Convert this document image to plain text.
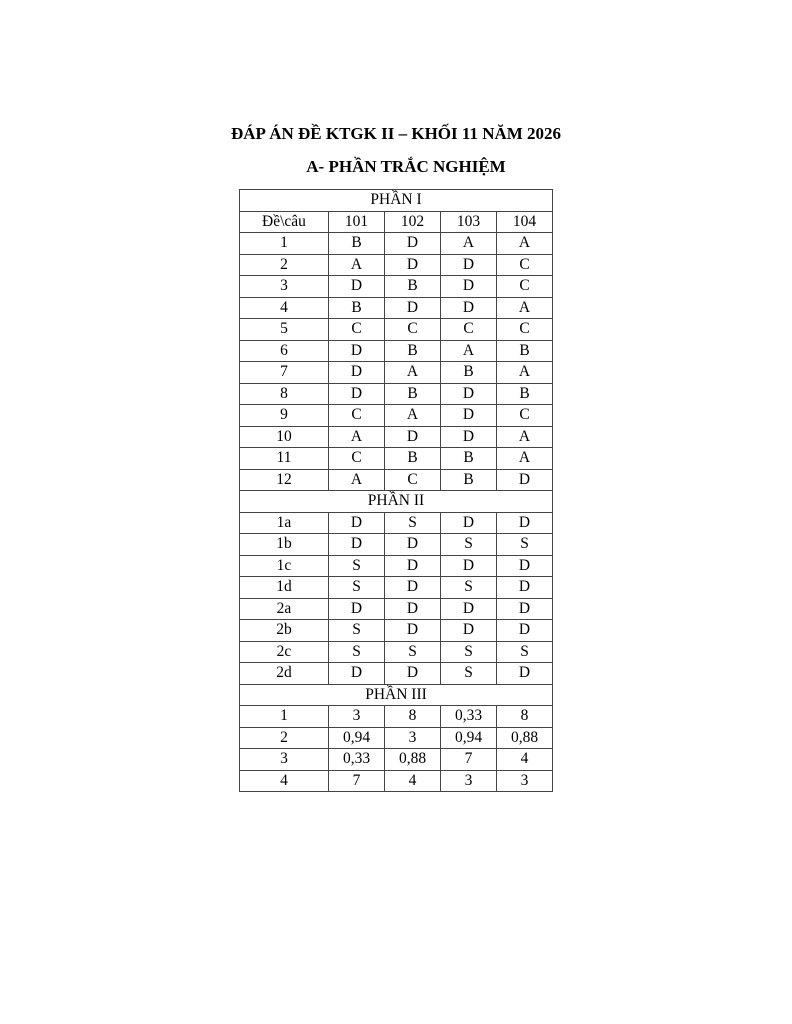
ĐÁP ÁN ĐỀ KTGK II – KHỐI 11 NĂM 2026
A- PHẦN TRẮC NGHIỆM
PHẦN I				
Đề\câu	101	102	103	104
1	B	D	A	A
2	A	D	D	C
3	D	B	D	C
4	B	D	D	A
5	C	C	C	C
6	D	B	A	B
7	D	A	B	A
8	D	B	D	B
9	C	A	D	C
10	A	D	D	A
11	C	B	B	A
12	A	C	B	D
PHẦN II				
1a	D	S	D	D
1b	D	D	S	S
1c	S	D	D	D
1d	S	D	S	D
2a	D	D	D	D
2b	S	D	D	D
2c	S	S	S	S
2d	D	D	S	D
PHẦN III				
1	3	8	0,33	8
2	0,94	3	0,94	0,88
3	0,33	0,88	7	4
4	7	4	3	3
